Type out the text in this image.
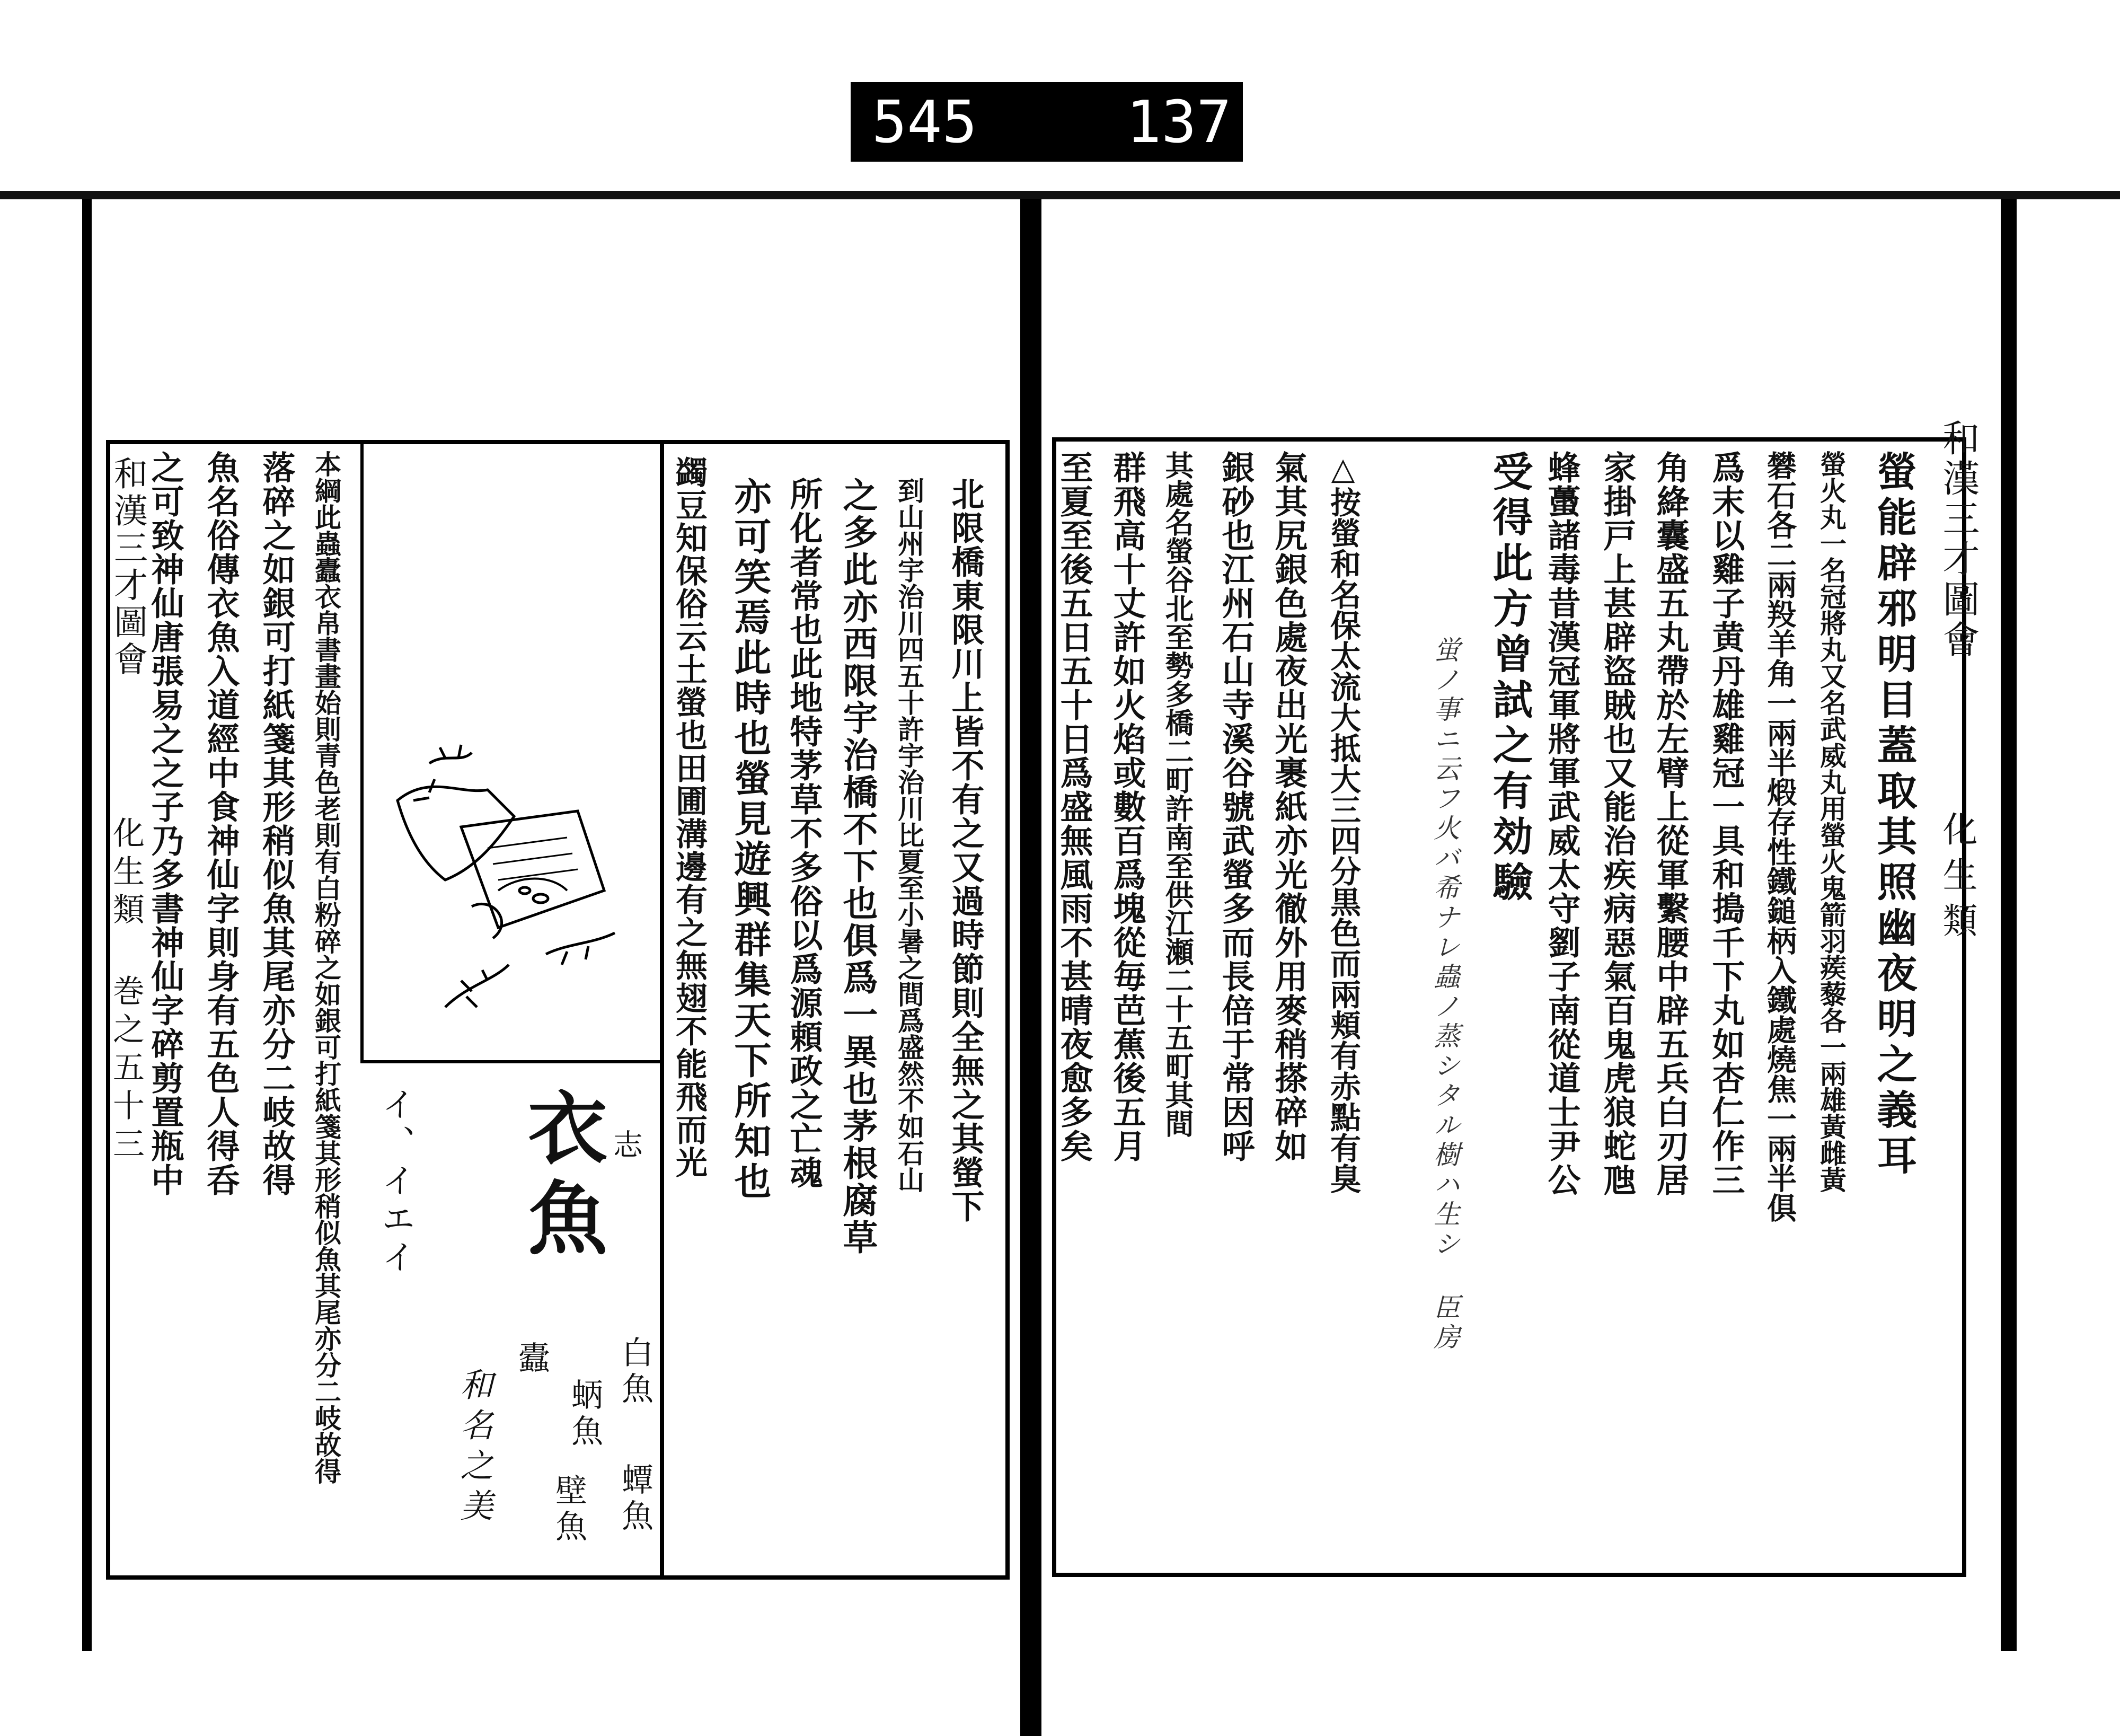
545	137
和漢三才圖會
化生類
螢能辟邪明目蓋取其照幽夜明之義耳
螢火丸一名冠將丸又名武威丸用螢火鬼箭羽蒺藜各一兩雄黃雌黃
礬石各二兩羖羊角一兩半煅存性鐵鎚柄入鐵處燒焦一兩半俱
爲末以雞子黄丹雄雞冠一具和搗千下丸如杏仁作三
角絳囊盛五丸帶於左臂上從軍繫腰中辟五兵白刃居
家掛戸上甚辟盜賊也又能治疾病惡氣百鬼虎狼蛇虺
蜂蠆諸毒昔漢冠軍將軍武威太守劉子南從道士尹公
受得此方曾試之有効驗
△按螢和名保太流大抵大三四分黒色而兩頬有赤點有臭
氣其尻銀色處夜出光裹紙亦光徹外用麥稍搽碎如
銀砂也江州石山寺溪谷號武螢多而長倍于常因呼
其處名螢谷北至勢多橋二町許南至供江瀬二十五町其間
群飛高十丈許如火焰或數百爲塊從毎芭蕉後五月
至夏至後五日五十日爲盛無風雨不甚晴夜愈多矣	蛍ノ事ニ云フ火バ希ナレ蟲ノ蒸シタル樹ハ生シ 臣房
和漢三才圖會
化生類 巻之五十三	北限橋東限川上皆不有之又過時節則全無之其螢下
到山州宇治川四五十許宇治川比夏至小暑之間爲盛然不如石山
之多此亦西限宇治橋不下也俱爲一異也茅根腐草
所化者常也此地特茅草不多俗以爲源頼政之亡魂
亦可笑焉此時也螢見遊興群集天下所知也
蠲豆知保俗云土螢也田圃溝邊有之無翅不能飛而光
衣魚
イ、イエイ	志
白魚
蟫魚
蛃魚
壁魚
蠹
和名之美
本綱此蟲蠹衣帛書畫始則青色老則有白粉碎之如銀可打紙箋其形稍似魚其尾亦分二岐故得
落碎之如銀可打紙箋其形稍似魚其尾亦分二岐故得
魚名俗傳衣魚入道經中食神仙字則身有五色人得呑
之可致神仙唐張易之之子乃多書神仙字碎剪置瓶中
